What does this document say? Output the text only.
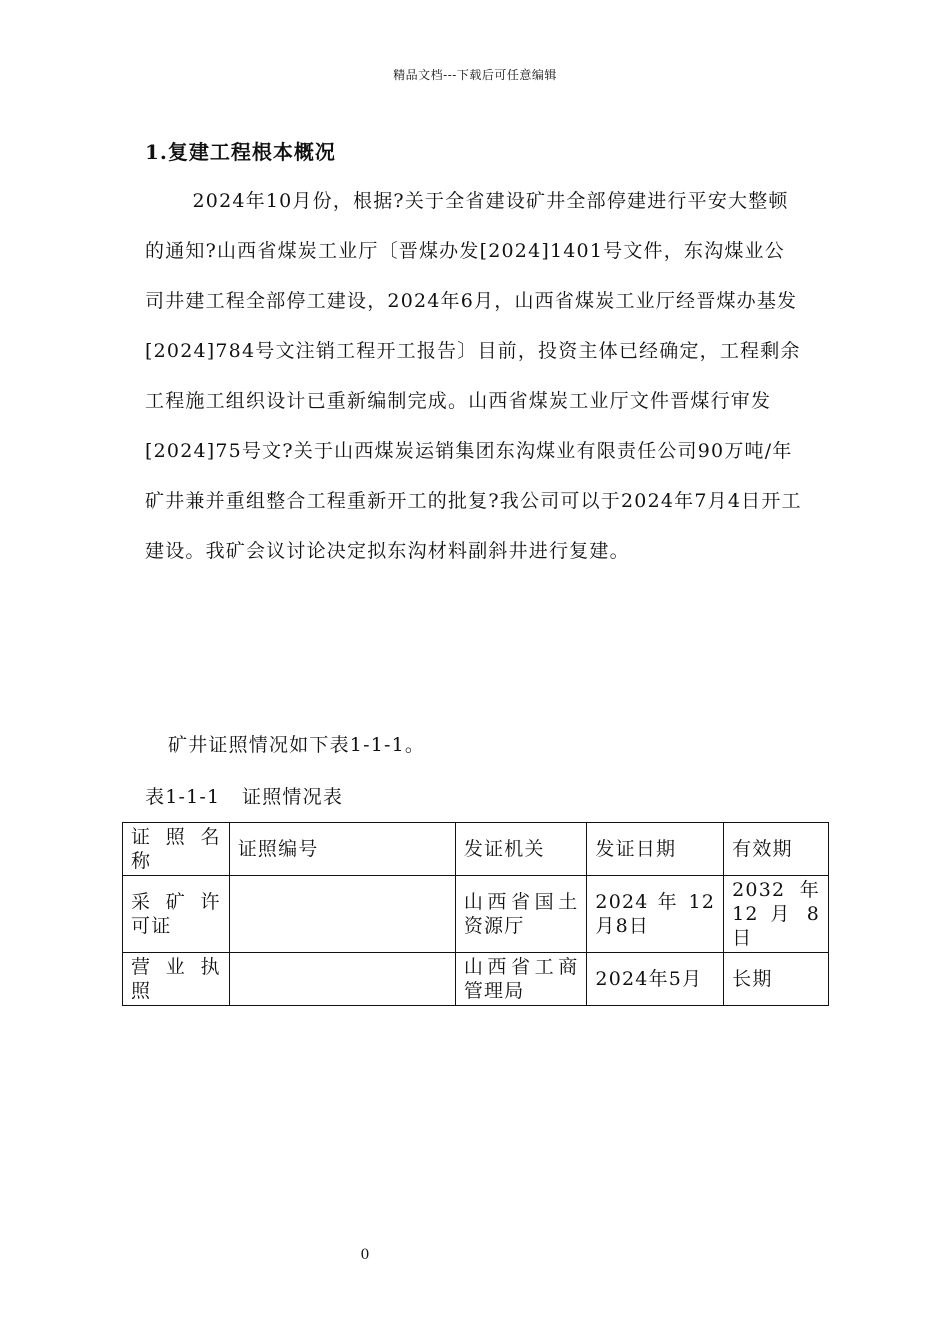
精品文档---下载后可任意编辑
1.复建工程根本概况

2024年10月份，根据?关于全省建设矿井全部停建进行平安大整顿的通知?山西省煤炭工业厅〔晋煤办发[2024]1401号文件，东沟煤业公司井建工程全部停工建设，2024年6月，山西省煤炭工业厅经晋煤办基发[2024]784号文注销工程开工报告〕目前，投资主体已经确定，工程剩余工程施工组织设计已重新编制完成。山西省煤炭工业厅文件晋煤行审发[2024]75号文?关于山西煤炭运销集团东沟煤业有限责任公司90万吨/年矿井兼并重组整合工程重新开工的批复?我公司可以于2024年7月4日开工建设。我矿会议讨论决定拟东沟材料副斜井进行复建。

矿井证照情况如下表1-1-1。
表1-1-1   证照情况表
证 照 名称	证照编号	发证机关	发证日期	有效期
采 矿 许可证		山西省国土资源厅	2024 年 12月8日	2032 年12 月 8日
营 业 执照		山西省工商管理局	2024年5月	长期
0
